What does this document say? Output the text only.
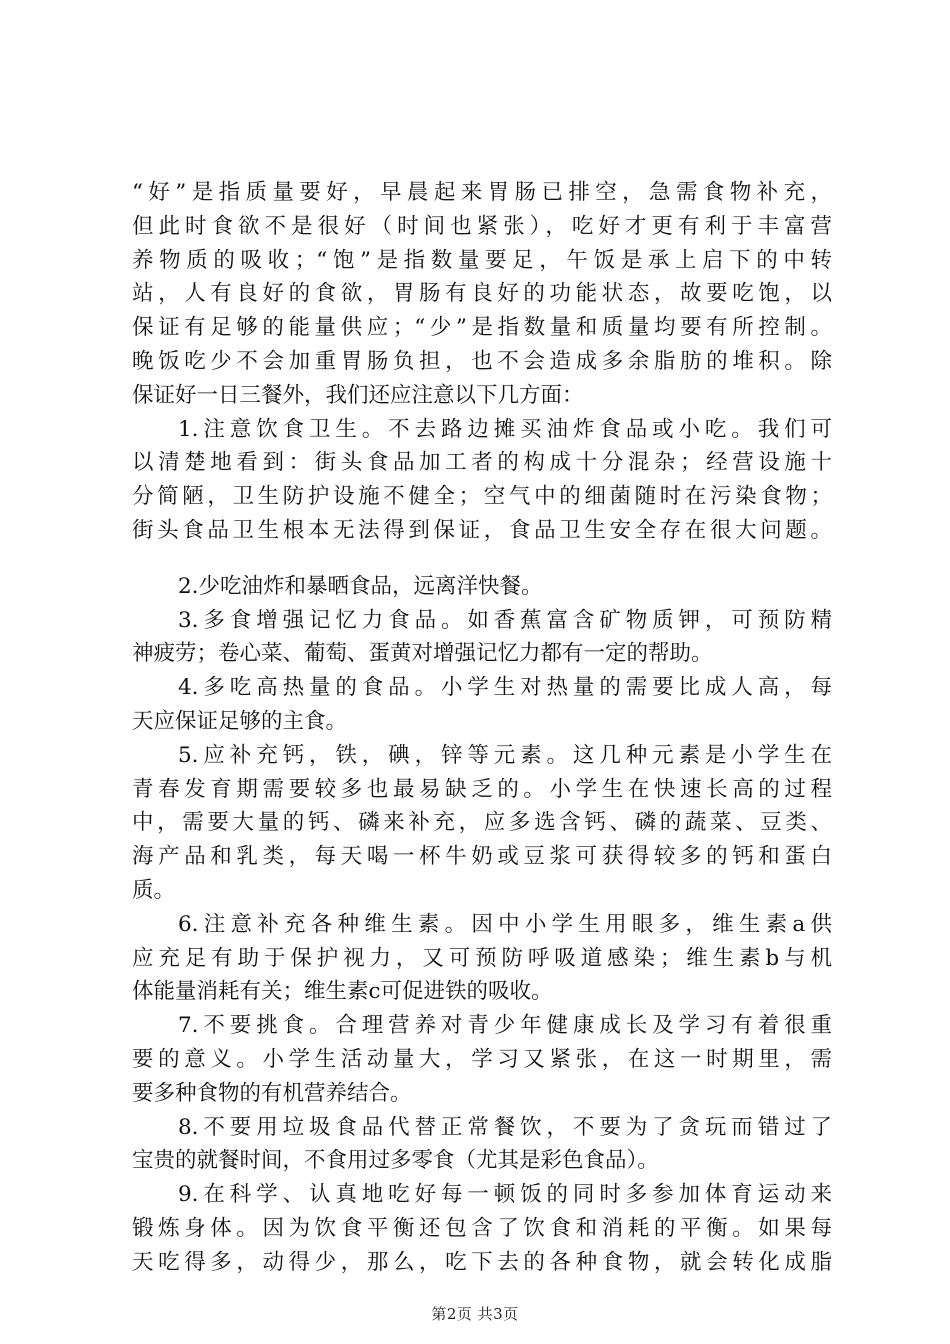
“好”是指质量要好，早晨起来胃肠已排空，急需食物补充，
但此时食欲不是很好（时间也紧张），吃好才更有利于丰富营
养物质的吸收；“饱”是指数量要足，午饭是承上启下的中转
站，人有良好的食欲，胃肠有良好的功能状态，故要吃饱，以
保证有足够的能量供应；“少”是指数量和质量均要有所控制。
晚饭吃少不会加重胃肠负担，也不会造成多余脂肪的堆积。除
保证好一日三餐外，我们还应注意以下几方面：
1.注意饮食卫生。不去路边摊买油炸食品或小吃。我们可
以清楚地看到：街头食品加工者的构成十分混杂；经营设施十
分简陋，卫生防护设施不健全；空气中的细菌随时在污染食物；
街头食品卫生根本无法得到保证，食品卫生安全存在很大问题。
2.少吃油炸和暴晒食品，远离洋快餐。
3.多食增强记忆力食品。如香蕉富含矿物质钾，可预防精
神疲劳；卷心菜、葡萄、蛋黄对增强记忆力都有一定的帮助。
4.多吃高热量的食品。小学生对热量的需要比成人高，每
天应保证足够的主食。
5.应补充钙，铁，碘，锌等元素。这几种元素是小学生在
青春发育期需要较多也最易缺乏的。小学生在快速长高的过程
中，需要大量的钙、磷来补充，应多选含钙、磷的蔬菜、豆类、
海产品和乳类，每天喝一杯牛奶或豆浆可获得较多的钙和蛋白
质。
6.注意补充各种维生素。因中小学生用眼多，维生素a供
应充足有助于保护视力，又可预防呼吸道感染；维生素b与机
体能量消耗有关；维生素c可促进铁的吸收。
7.不要挑食。合理营养对青少年健康成长及学习有着很重
要的意义。小学生活动量大，学习又紧张，在这一时期里，需
要多种食物的有机营养结合。
8.不要用垃圾食品代替正常餐饮，不要为了贪玩而错过了
宝贵的就餐时间，不食用过多零食（尤其是彩色食品）。
9.在科学、认真地吃好每一顿饭的同时多参加体育运动来
锻炼身体。因为饮食平衡还包含了饮食和消耗的平衡。如果每
天吃得多，动得少，那么，吃下去的各种食物，就会转化成脂
第2页 共3页
